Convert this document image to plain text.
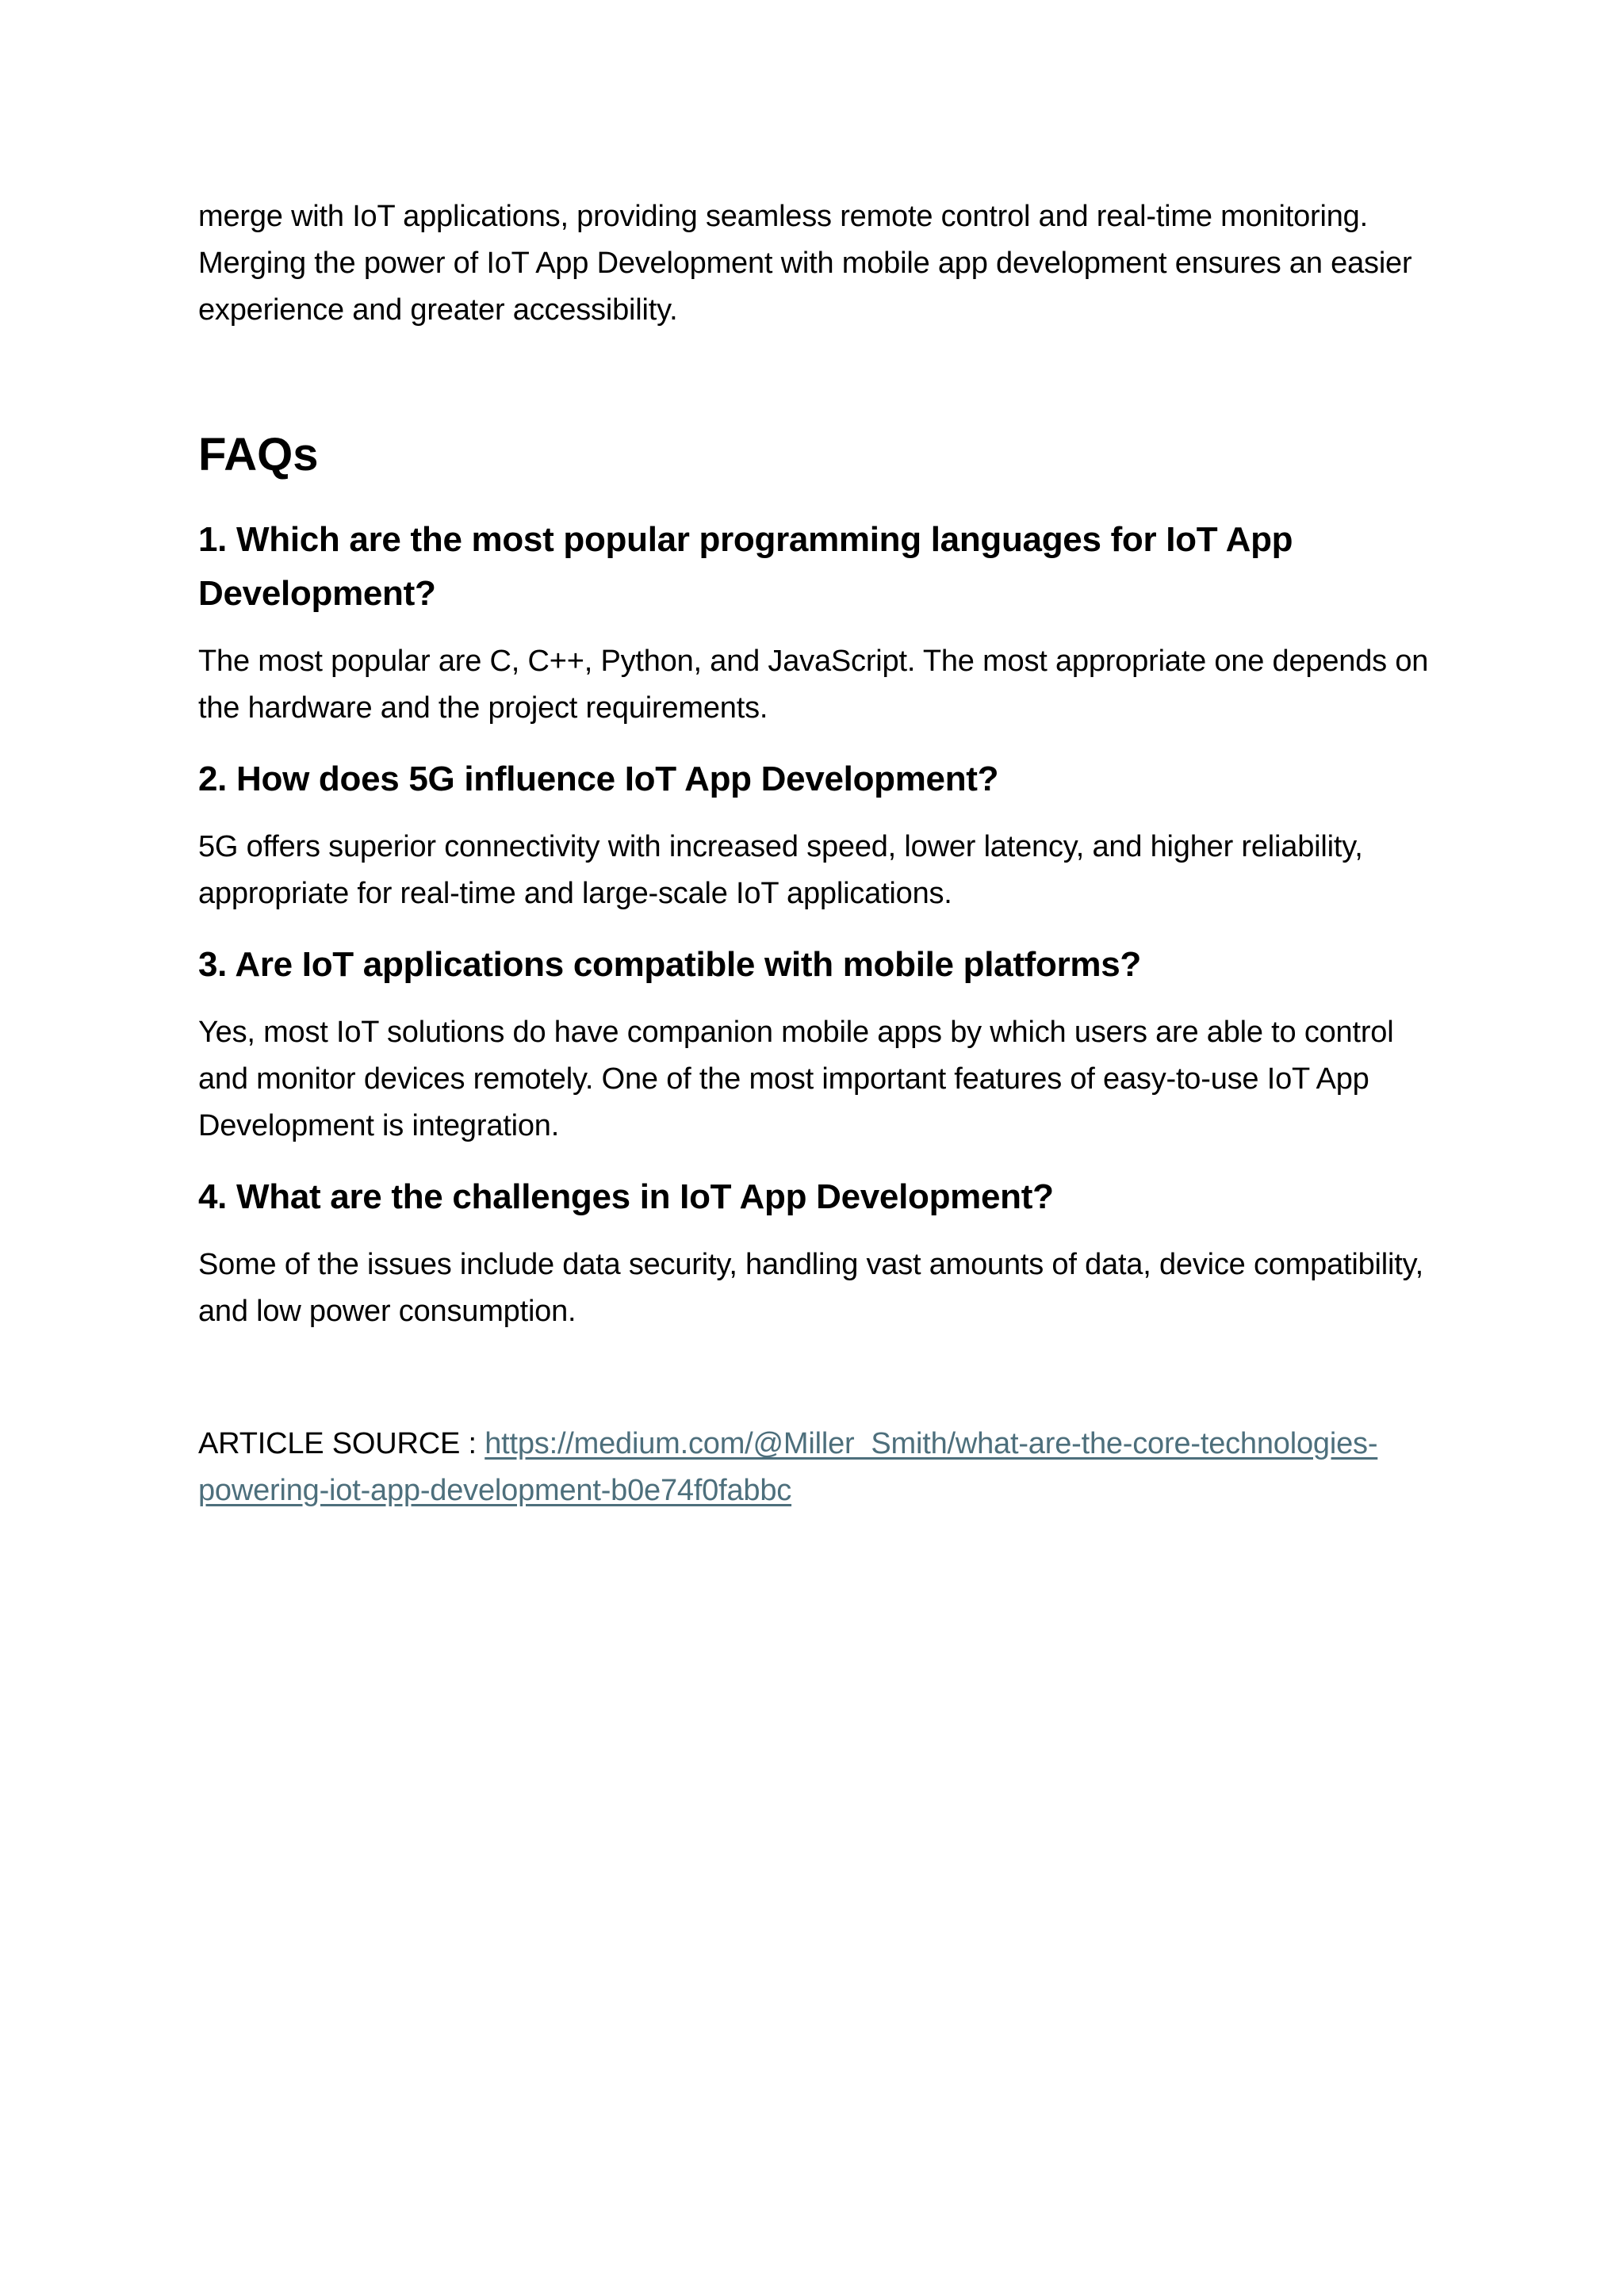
merge with IoT applications, providing seamless remote control and real-time monitoring. Merging the power of IoT App Development with mobile app development ensures an easier experience and greater accessibility.

FAQs
1. Which are the most popular programming languages for IoT App Development?

The most popular are C, C++, Python, and JavaScript. The most appropriate one depends on the hardware and the project requirements.

2. How does 5G influence IoT App Development?

5G offers superior connectivity with increased speed, lower latency, and higher reliability, appropriate for real-time and large-scale IoT applications.

3. Are IoT applications compatible with mobile platforms?

Yes, most IoT solutions do have companion mobile apps by which users are able to control and monitor devices remotely. One of the most important features of easy-to-use IoT App Development is integration.

4. What are the challenges in IoT App Development?

Some of the issues include data security, handling vast amounts of data, device compatibility, and low power consumption.

ARTICLE SOURCE : https://medium.com/@Miller_Smith/what-are-the-core-technologies-powering-iot-app-development-b0e74f0fabbc
